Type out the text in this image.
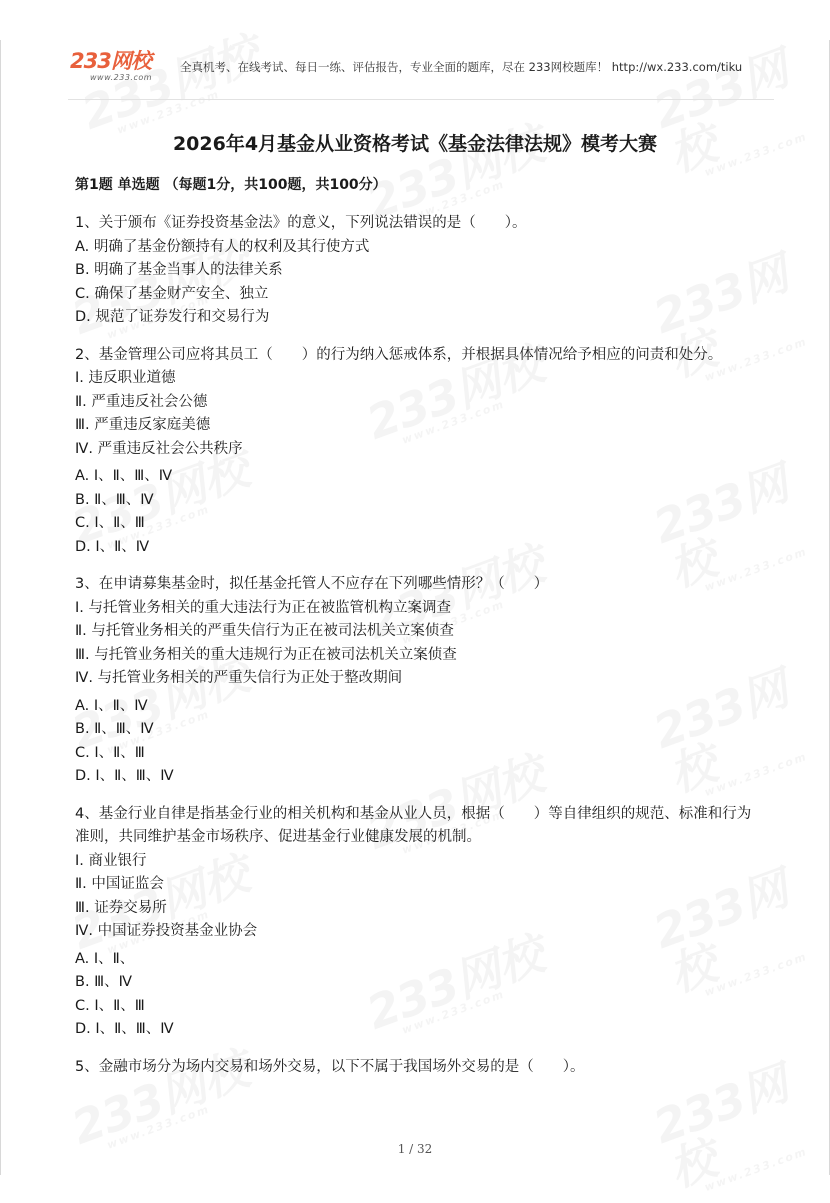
233网校
www.233.com
全真机考、在线考试、每日一练、评估报告，专业全面的题库，尽在 233网校题库！ http://wx.233.com/tiku
2026年4月基金从业资格考试《基金法律法规》模考大赛
第1题 单选题 （每题1分，共100题，共100分）
1、关于颁布《证券投资基金法》的意义，下列说法错误的是（　　）。
A. 明确了基金份额持有人的权利及其行使方式
B. 明确了基金当事人的法律关系
C. 确保了基金财产安全、独立
D. 规范了证券发行和交易行为
2、基金管理公司应将其员工（　　）的行为纳入惩戒体系，并根据具体情况给予相应的问责和处分。
Ⅰ. 违反职业道德
Ⅱ. 严重违反社会公德
Ⅲ. 严重违反家庭美德
Ⅳ. 严重违反社会公共秩序
A. Ⅰ、Ⅱ、Ⅲ、Ⅳ
B. Ⅱ、Ⅲ、Ⅳ
C. Ⅰ、Ⅱ、Ⅲ
D. Ⅰ、Ⅱ、Ⅳ
3、在申请募集基金时，拟任基金托管人不应存在下列哪些情形？（　　）
Ⅰ. 与托管业务相关的重大违法行为正在被监管机构立案调查
Ⅱ. 与托管业务相关的严重失信行为正在被司法机关立案侦查
Ⅲ. 与托管业务相关的重大违规行为正在被司法机关立案侦查
Ⅳ. 与托管业务相关的严重失信行为正处于整改期间
A. Ⅰ、Ⅱ、Ⅳ
B. Ⅱ、Ⅲ、Ⅳ
C. Ⅰ、Ⅱ、Ⅲ
D. Ⅰ、Ⅱ、Ⅲ、Ⅳ
4、基金行业自律是指基金行业的相关机构和基金从业人员，根据（　　）等自律组织的规范、标准和行为准则，共同维护基金市场秩序、促进基金行业健康发展的机制。
Ⅰ. 商业银行
Ⅱ. 中国证监会
Ⅲ. 证券交易所
Ⅳ. 中国证券投资基金业协会
A. Ⅰ、Ⅱ、
B. Ⅲ、Ⅳ
C. Ⅰ、Ⅱ、Ⅲ
D. Ⅰ、Ⅱ、Ⅲ、Ⅳ
5、金融市场分为场内交易和场外交易，以下不属于我国场外交易的是（　　）。
1 / 32
